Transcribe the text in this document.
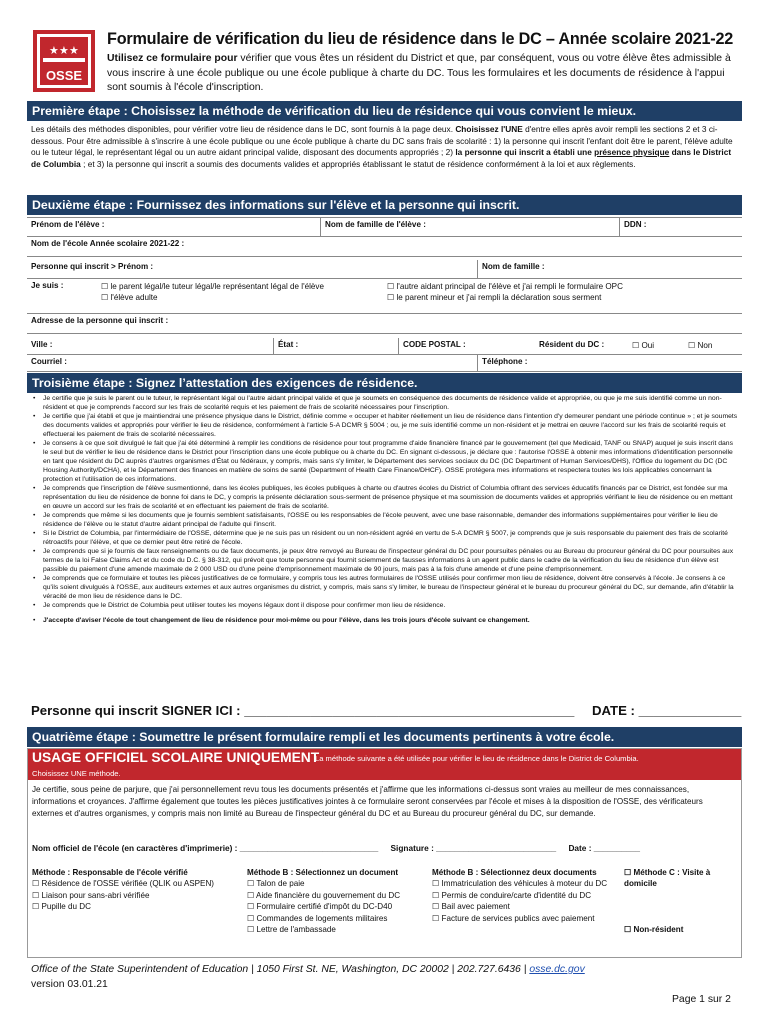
★ ★ ★
OSSE
Formulaire de vérification du lieu de résidence dans le DC – Année scolaire 2021-22
Utilisez ce formulaire pour vérifier que vous êtes un résident du District et que, par conséquent, vous ou votre élève êtes admissible à vous inscrire à une école publique ou une école publique à charte du DC. Tous les formulaires et les documents de résidence à l'appui sont soumis à l'école d'inscription.
Première étape : Choisissez la méthode de vérification du lieu de résidence qui vous convient le mieux.
Les détails des méthodes disponibles, pour vérifier votre lieu de résidence dans le DC, sont fournis à la page deux. Choisissez l'UNE d'entre elles après avoir rempli les sections 2 et 3 ci-dessous. Pour être admissible à s'inscrire à une école publique ou une école publique à charte du DC sans frais de scolarité : 1) la personne qui inscrit l'enfant doit être le parent, l'élève adulte ou le tuteur légal, le représentant légal ou un autre aidant principal valide, disposant des documents appropriés ; 2) la personne qui inscrit a établi une présence physique dans le District de Columbia ; et 3) la personne qui inscrit a soumis des documents valides et appropriés établissant le statut de résidence conformément à la loi et aux règlements.
Deuxième étape : Fournissez des informations sur l'élève et la personne qui inscrit.
Prénom de l'élève :	Nom de famille de l'élève :	DDN :
Nom de l'école Année scolaire 2021-22 :
Personne qui inscrit > Prénom :	Nom de famille :
Je suis :	☐ le parent légal/le tuteur légal/le représentant légal de l'élève
☐ l'élève adulte
☐ l'autre aidant principal de l'élève et j'ai rempli le formulaire OPC
☐ le parent mineur et j'ai rempli la déclaration sous serment
Adresse de la personne qui inscrit :
Ville :	État :	CODE POSTAL :	Résident du DC :	☐ Oui	☐ Non
Courriel :	Téléphone :
Troisième étape : Signez l’attestation des exigences de résidence.

• Je certifie que je suis le parent ou le tuteur, le représentant légal ou l'autre aidant principal valide et que je soumets en conséquence des documents de résidence valide et appropriée, ou que je me suis identifié comme un non-résident et que je comprends l'accord sur les frais de scolarité requis et les paiement de frais de scolarité nécessaires pour l'inscription.

• Je certifie que j'ai établi et que je maintiendrai une présence physique dans le District, définie comme « occuper et habiter réellement un lieu de résidence dans l'intention d'y demeurer pendant une période continue » ; et je soumets des documents valides et appropriés pour vérifier le lieu de résidence, conformément à l'article 5-A DCMR § 5004 ; ou, je me suis identifié comme un non-résident et je mettrai en œuvre l'accord sur les frais de scolarité requis et effectuerai les paiement de frais de scolarité nécessaires.

• Je consens à ce que soit divulgué le fait que j'ai été déterminé à remplir les conditions de résidence pour tout programme d'aide financière financé par le gouvernement (tel que Medicaid, TANF ou SNAP) auquel je suis inscrit dans le seul but de vérifier le lieu de résidence dans le District pour l'inscription dans une école publique ou à charte du DC. En signant ci-dessous, je déclare que : l'autorise l'OSSE à obtenir mes informations d'identification personnelle en tant que résident du DC auprès d'autres organismes d'État ou fédéraux, y compris, mais sans s'y limiter, le Département des services sociaux du DC (DC Department of Human Services/DHS), l'Office du logement du DC (DC Housing Authority/DCHA), et le Département des finances en matière de soins de santé (Department of Health Care Finance/DHCF). OSSE protégera mes informations et respectera toutes les lois applicables concernant la protection et l'utilisation de ces informations.

• Je comprends que l'inscription de l'élève susmentionné, dans les écoles publiques, les écoles publiques à charte ou d'autres écoles du District of Columbia offrant des services éducatifs financés par ce District, est fondée sur ma représentation du lieu de résidence de bonne foi dans le DC, y compris la présente déclaration sous-serment de présence physique et ma soumission de documents valides et appropriés vérifiant le lieu de résidence ou en mettant en œuvre un accord sur les frais de scolarité et en effectuant les paiement de frais de scolarité.

• Je comprends que même si les documents que je fournis semblent satisfaisants, l'OSSE ou les responsables de l'école peuvent, avec une base raisonnable, demander des informations supplémentaires pour vérifier le lieu de résidence de l'élève ou le statut d'autre aidant principal de l'adulte qui l'inscrit.

• Si le District de Columbia, par l'intermédiaire de l'OSSE, détermine que je ne suis pas un résident ou un non-résident agréé en vertu de 5-A DCMR § 5007, je comprends que je suis responsable du paiement des frais de scolarité rétroactifs pour l'élève, et que ce dernier peut être retiré de l'école.

• Je comprends que si je fournis de faux renseignements ou de faux documents, je peux être renvoyé au Bureau de l'inspecteur général du DC pour poursuites pénales ou au Bureau du procureur général du DC pour poursuites aux termes de la loi False Claims Act et du code du D.C. § 38-312, qui prévoit que toute personne qui fournit sciemment de fausses informations à un agent public dans le cadre de la vérification du lieu de résidence d'un élève est passible du paiement d'une amende maximale de 2 000 USD ou d'une peine d'emprisonnement maximale de 90 jours, mais pas à la fois d'une amende et d'une peine d'emprisonnement.

• Je comprends que ce formulaire et toutes les pièces justificatives de ce formulaire, y compris tous les autres formulaires de l'OSSE utilisés pour confirmer mon lieu de résidence, doivent être conservés à l'école. Je consens à ce qu'ils soient divulgués à l'OSSE, aux auditeurs externes et aux autres organismes du district, y compris, mais sans s'y limiter, le bureau de l'inspecteur général et le bureau du procureur général du DC, sur demande, afin d'établir la véracité de mon lieu de résidence dans le DC.

• Je comprends que le District de Columbia peut utiliser toutes les moyens légaux dont il dispose pour confirmer mon lieu de résidence.

• J'accepte d'aviser l'école de tout changement de lieu de résidence pour moi-même ou pour l'élève, dans les trois jours d'école suivant ce changement.

Personne qui inscrit SIGNER ICI : _____________________________________________ DATE : ______________
Quatrième étape : Soumettre le présent formulaire rempli et les documents pertinents à votre école.
USAGE OFFICIEL SCOLAIRE UNIQUEMENT
La méthode suivante a été utilisée pour vérifier le lieu de résidence dans le District de Columbia.
Choisissez UNE méthode.
Je certifie, sous peine de parjure, que j'ai personnellement revu tous les documents présentés et j'affirme que les informations ci-dessus sont vraies au meilleur de mes connaissances, informations et croyances. J'affirme également que toutes les pièces justificatives jointes à ce formulaire seront conservées par l'école et mises à la disposition de l'OSSE, des vérificateurs externes et d'autres organismes, y compris mais non limité au Bureau de l'inspecteur général du DC et au Bureau du procureur général du DC, sur demande.
Nom officiel de l'école (en caractères d'imprimerie) : ______________________________ Signature : __________________________ Date : __________
Méthode : Responsable de l'école vérifié
☐ Résidence de l'OSSE vérifiée (QLIK ou ASPEN)
☐ Liaison pour sans-abri vérifiée
☐ Pupille du DC
Méthode B : Sélectionnez un document
☐ Talon de paie
☐ Aide financière du gouvernement du DC
☐ Formulaire certifié d'impôt du DC-D40
☐ Commandes de logements militaires
☐ Lettre de l'ambassade
Méthode B : Sélectionnez deux documents
☐ Immatriculation des véhicules à moteur du DC
☐ Permis de conduire/carte d'identité du DC
☐ Bail avec paiement
☐ Facture de services publics avec paiement
☐ Méthode C : Visite à domicile
☐ Non-résident
Office of the State Superintendent of Education | 1050 First St. NE, Washington, DC 20002 | 202.727.6436 | osse.dc.gov
version 03.01.21
Page 1 sur 2
